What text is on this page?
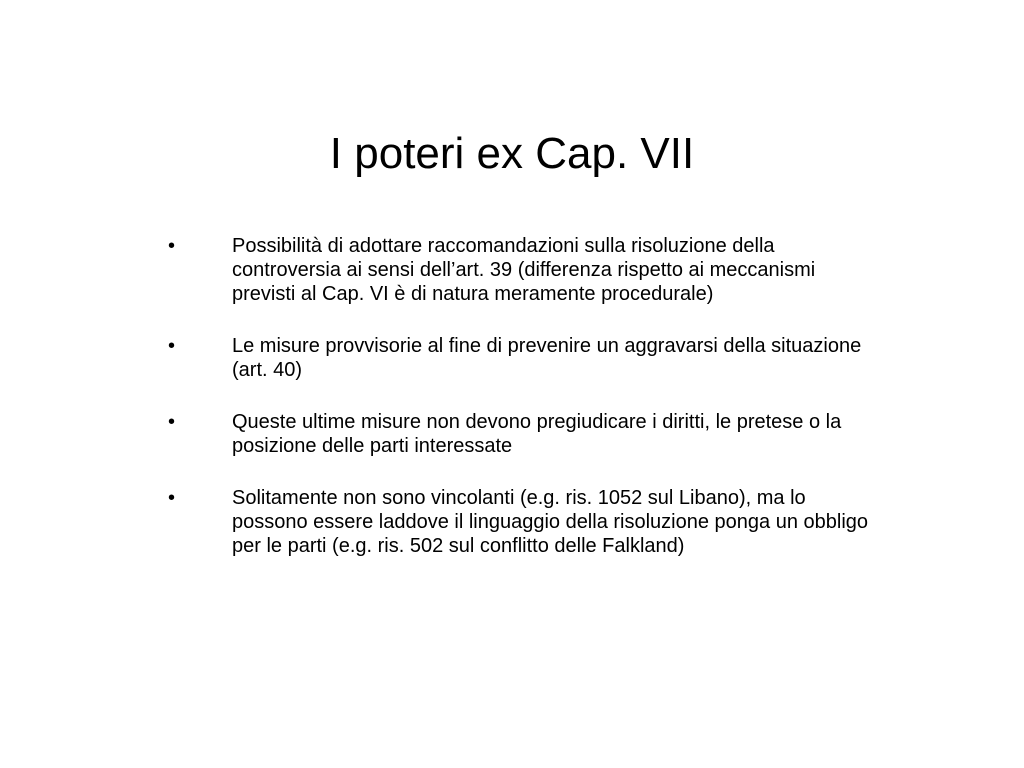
I poteri ex Cap. VII
•	Possibilità di adottare raccomandazioni sulla risoluzione della controversia ai sensi dell’art. 39 (differenza rispetto ai meccanismi previsti al Cap. VI è di natura meramente procedurale)
•	Le misure provvisorie al fine di prevenire un aggravarsi della situazione (art. 40)
•	Queste ultime misure non devono pregiudicare i diritti, le pretese o la posizione delle parti interessate
•	Solitamente non sono vincolanti (e.g. ris. 1052 sul Libano), ma lo possono essere laddove il linguaggio della risoluzione ponga un obbligo per le parti (e.g. ris. 502 sul conflitto delle Falkland)
